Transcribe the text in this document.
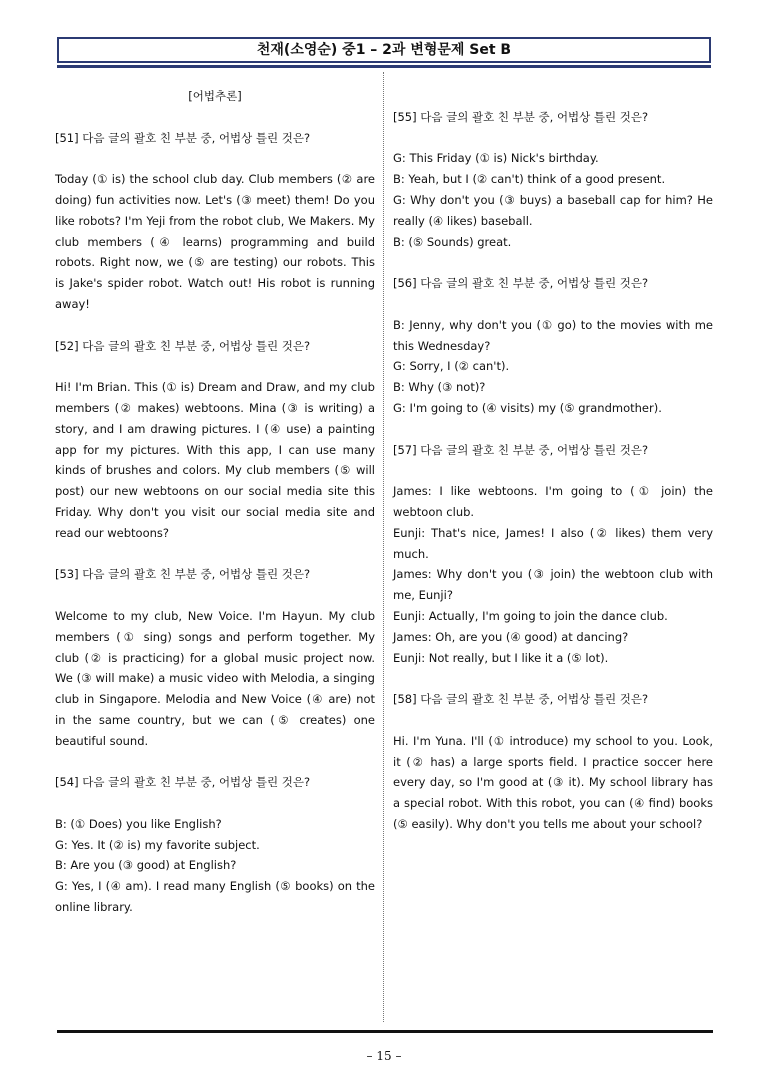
천재(소영순) 중1 – 2과 변형문제 Set B
[어법추론]

[51] 다음 글의 괄호 친 부분 중, 어법상 틀린 것은?

Today (① is) the school club day. Club members (② are doing) fun activities now. Let's (③ meet) them! Do you like robots? I'm Yeji from the robot club, We Makers. My club members (④ learns) programming and build robots. Right now, we (⑤ are testing) our robots. This is Jake's spider robot. Watch out! His robot is running away!

[52] 다음 글의 괄호 친 부분 중, 어법상 틀린 것은?

Hi! I'm Brian. This (① is) Dream and Draw, and my club members (② makes) webtoons. Mina (③ is writing) a story, and I am drawing pictures. I (④ use) a painting app for my pictures. With this app, I can use many kinds of brushes and colors. My club members (⑤ will post) our new webtoons on our social media site this Friday. Why don't you visit our social media site and read our webtoons?

[53] 다음 글의 괄호 친 부분 중, 어법상 틀린 것은?

Welcome to my club, New Voice. I'm Hayun. My club members (① sing) songs and perform together. My club (② is practicing) for a global music project now. We (③ will make) a music video with Melodia, a singing club in Singapore. Melodia and New Voice (④ are) not in the same country, but we can (⑤ creates) one beautiful sound.

[54] 다음 글의 괄호 친 부분 중, 어법상 틀린 것은?

B: (① Does) you like English?
G: Yes. It (② is) my favorite subject.
B: Are you (③ good) at English?
G: Yes, I (④ am). I read many English (⑤ books) on the online library.

[55] 다음 글의 괄호 친 부분 중, 어법상 틀린 것은?

G: This Friday (① is) Nick's birthday.
B: Yeah, but I (② can't) think of a good present.
G: Why don't you (③ buys) a baseball cap for him? He really (④ likes) baseball.
B: (⑤ Sounds) great.

[56] 다음 글의 괄호 친 부분 중, 어법상 틀린 것은?

B: Jenny, why don't you (① go) to the movies with me this Wednesday?
G: Sorry, I (② can't).
B: Why (③ not)?
G: I'm going to (④ visits) my (⑤ grandmother).

[57] 다음 글의 괄호 친 부분 중, 어법상 틀린 것은?

James: I like webtoons. I'm going to (① join) the webtoon club.
Eunji: That's nice, James! I also (② likes) them very much.
James: Why don't you (③ join) the webtoon club with me, Eunji?
Eunji: Actually, I'm going to join the dance club.
James: Oh, are you (④ good) at dancing?
Eunji: Not really, but I like it a (⑤ lot).

[58] 다음 글의 괄호 친 부분 중, 어법상 틀린 것은?

Hi. I'm Yuna. I'll (① introduce) my school to you. Look, it (② has) a large sports field. I practice soccer here every day, so I'm good at (③ it). My school library has a special robot. With this robot, you can (④ find) books (⑤ easily). Why don't you tells me about your school?

– 15 –
